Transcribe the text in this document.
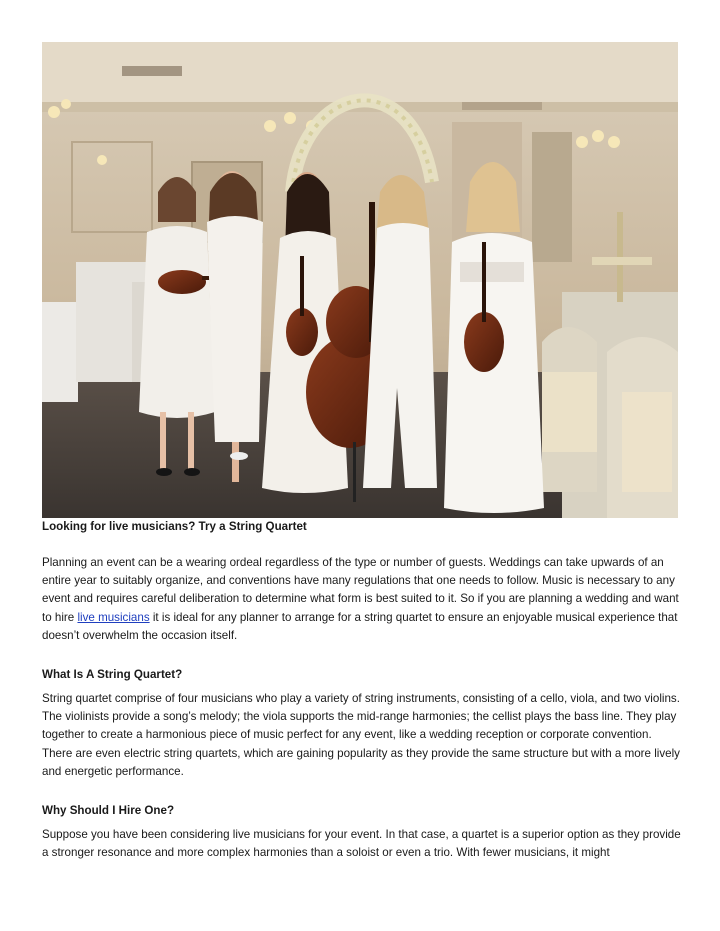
Looking for live musicians? Try a String Quartet
Planning an event can be a wearing ordeal regardless of the type or number of guests. Weddings can take upwards of an entire year to suitably organize, and conventions have many regulations that one needs to follow. Music is necessary to any event and requires careful deliberation to determine what form is best suited to it. So if you are planning a wedding and want to hire live musicians it is ideal for any planner to arrange for a string quartet to ensure an enjoyable musical experience that doesn’t overwhelm the occasion itself.
What Is A String Quartet?
String quartet comprise of four musicians who play a variety of string instruments, consisting of a cello, viola, and two violins. The violinists provide a song’s melody; the viola supports the mid-range harmonies; the cellist plays the bass line. They play together to create a harmonious piece of music perfect for any event, like a wedding reception or corporate convention. There are even electric string quartets, which are gaining popularity as they provide the same structure but with a more lively and energetic performance.
Why Should I Hire One?
Suppose you have been considering live musicians for your event. In that case, a quartet is a superior option as they provide a stronger resonance and more complex harmonies than a soloist or even a trio. With fewer musicians, it might
